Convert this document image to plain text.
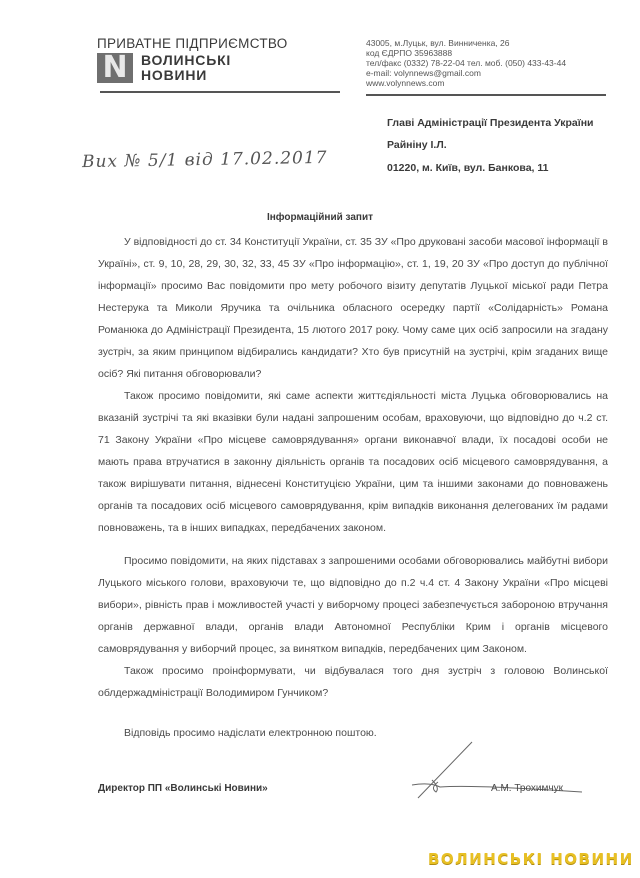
ПРИВАТНЕ ПІДПРИЄМСТВО
N ВОЛИНСЬКІ
НОВИНИ
43005, м.Луцьк, вул. Винниченка, 26
код ЄДРПО 35963888
тел/факс (0332) 78-22-04 тел. моб. (050) 433-43-44
e-mail: volynnews@gmail.com
www.volynnews.com
Главі Адміністрації Президента України
Райніну І.Л.
01220, м. Київ, вул. Банкова, 11
Вих № 5/1 від 17.02.2017
Інформаційний запит

У відповідності до ст. 34 Конституції України, ст. 35 ЗУ «Про друковані засоби масової інформації в Україні», ст. 9, 10, 28, 29, 30, 32, 33, 45 ЗУ «Про інформацію», ст. 1, 19, 20 ЗУ «Про доступ до публічної інформації» просимо Вас повідомити про мету робочого візиту депутатів Луцької міської ради Петра Нестерука та Миколи Яручика та очільника обласного осередку партії «Солідарність» Романа Романюка до Адміністрації Президента, 15 лютого 2017 року. Чому саме цих осіб запросили на згадану зустріч, за яким принципом відбирались кандидати? Хто був присутній на зустрічі, крім згаданих вище осіб? Які питання обговорювали?

Також просимо повідомити, які саме аспекти життєдіяльності міста Луцька обговорювались на вказаній зустрічі та які вказівки були надані запрошеним особам, враховуючи, що відповідно до ч.2 ст. 71 Закону України «Про місцеве самоврядування» органи виконавчої влади, їх посадові особи не мають права втручатися в законну діяльність органів та посадових осіб місцевого самоврядування, а також вирішувати питання, віднесені Конституцією України, цим та іншими законами до повноважень органів та посадових осіб місцевого самоврядування, крім випадків виконання делегованих їм радами повноважень, та в інших випадках, передбачених законом.

Просимо повідомити, на яких підставах з запрошеними особами обговорювались майбутні вибори Луцького міського голови, враховуючи те, що відповідно до п.2 ч.4 ст. 4 Закону України «Про місцеві вибори», рівність прав і можливостей участі у виборчому процесі забезпечується забороною втручання органів державної влади, органів влади Автономної Республіки Крим і органів місцевого самоврядування у виборчий процес, за винятком випадків, передбачених цим Законом.

Також просимо проінформувати, чи відбувалася того дня зустріч з головою Волинської облдержадміністрації Володимиром Гунчиком?

Відповідь просимо надіслати електронною поштою.

Директор ПП «Волинські Новини»	А.М. Трохимчук
ВОЛИНСЬКІ НОВИНИ
